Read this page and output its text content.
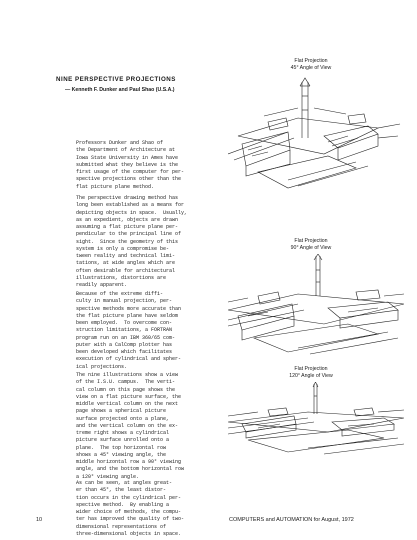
NINE PERSPECTIVE PROJECTIONS
— Kenneth F. Dunker and Paul Shao (U.S.A.)
Professors Dunker and Shao of
the Department of Architecture at
Iowa State University in Ames have
submitted what they believe is the
first usage of the computer for per-
spective projections other than the
flat picture plane method.
The perspective drawing method has
long been established as a means for
depicting objects in space.  Usually,
as an expedient, objects are drawn
assuming a flat picture plane per-
pendicular to the principal line of
sight.  Since the geometry of this
system is only a compromise be-
tween reality and technical limi-
tations, at wide angles which are
often desirable for architectural
illustrations, distortions are
readily apparent.
Because of the extreme diffi-
culty in manual projection, per-
spective methods more accurate than
the flat picture plane have seldom
been employed.  To overcome con-
struction limitations, a FORTRAN
program run on an IBM 360/65 com-
puter with a CalComp plotter has
been developed which facilitates
execution of cylindrical and spher-
ical projections.
The nine illustrations show a view
of the I.S.U. campus.  The verti-
cal column on this page shows the
view on a flat picture surface, the
middle vertical column on the next
page shows a spherical picture
surface projected onto a plane,
and the vertical column on the ex-
treme right shows a cylindrical
picture surface unrolled onto a
plane.  The top horizontal row
shows a 45° viewing angle, the
middle horizontal row a 90° viewing
angle, and the bottom horizontal row
a 120° viewing angle.
As can be seen, at angles great-
er than 45°, the least distor-
tion occurs in the cylindrical per-
spective method.  By enabling a
wider choice of methods, the compu-
ter has improved the quality of two-
dimensional representations of
three-dimensional objects in space.
Flat Projection
45° Angle of View
Flat Projection
90° Angle of View
Flat Projection
120° Angle of View
10	COMPUTERS and AUTOMATION for August, 1972
